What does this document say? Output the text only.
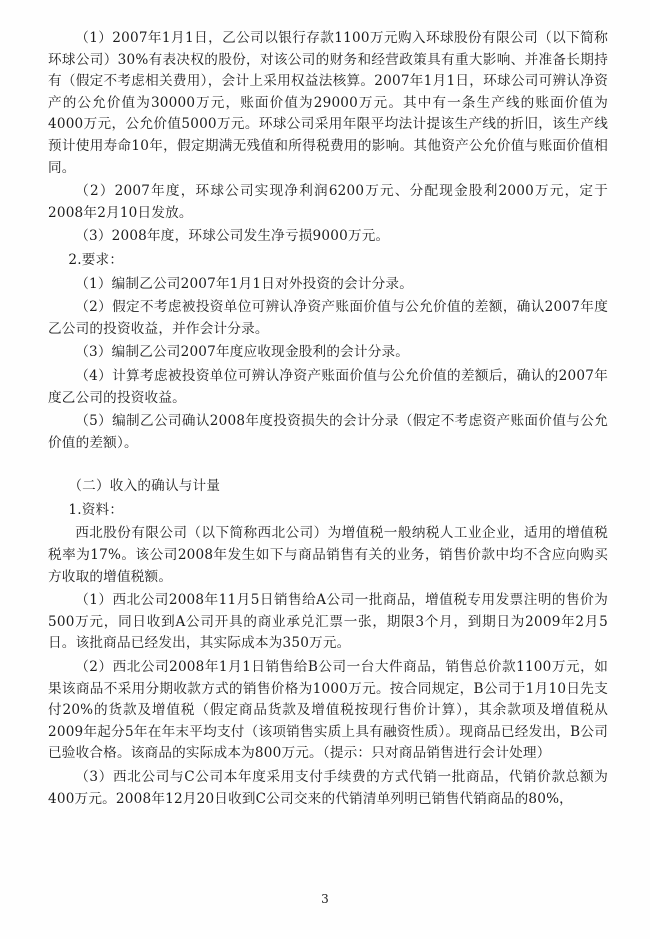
（1）2007年1月1日，乙公司以银行存款1100万元购入环球股份有限公司（以下简称环球公司）30%有表决权的股份，对该公司的财务和经营政策具有重大影响、并准备长期持有（假定不考虑相关费用），会计上采用权益法核算。2007年1月1日，环球公司可辨认净资产的公允价值为30000万元，账面价值为29000万元。其中有一条生产线的账面价值为4000万元，公允价值5000万元。环球公司采用年限平均法计提该生产线的折旧，该生产线预计使用寿命10年，假定期满无残值和所得税费用的影响。其他资产公允价值与账面价值相同。

（2）2007年度，环球公司实现净利润6200万元、分配现金股利2000万元，定于2008年2月10日发放。

（3）2008年度，环球公司发生净亏损9000万元。

2.要求：

（1）编制乙公司2007年1月1日对外投资的会计分录。

（2）假定不考虑被投资单位可辨认净资产账面价值与公允价值的差额，确认2007年度乙公司的投资收益，并作会计分录。

（3）编制乙公司2007年度应收现金股利的会计分录。

（4）计算考虑被投资单位可辨认净资产账面价值与公允价值的差额后，确认的2007年度乙公司的投资收益。

（5）编制乙公司确认2008年度投资损失的会计分录（假定不考虑资产账面价值与公允价值的差额）。

（二）收入的确认与计量

1.资料：

西北股份有限公司（以下简称西北公司）为增值税一般纳税人工业企业，适用的增值税税率为17%。该公司2008年发生如下与商品销售有关的业务，销售价款中均不含应向购买方收取的增值税额。

（1）西北公司2008年11月5日销售给A公司一批商品，增值税专用发票注明的售价为500万元，同日收到A公司开具的商业承兑汇票一张，期限3个月，到期日为2009年2月5日。该批商品已经发出，其实际成本为350万元。

（2）西北公司2008年1月1日销售给B公司一台大件商品，销售总价款1100万元，如果该商品不采用分期收款方式的销售价格为1000万元。按合同规定，B公司于1月10日先支付20%的货款及增值税（假定商品货款及增值税按现行售价计算），其余款项及增值税从2009年起分5年在年末平均支付（该项销售实质上具有融资性质）。现商品已经发出，B公司已验收合格。该商品的实际成本为800万元。（提示：只对商品销售进行会计处理）

（3）西北公司与C公司本年度采用支付手续费的方式代销一批商品，代销价款总额为400万元。2008年12月20日收到C公司交来的代销清单列明已销售代销商品的80%，

3
